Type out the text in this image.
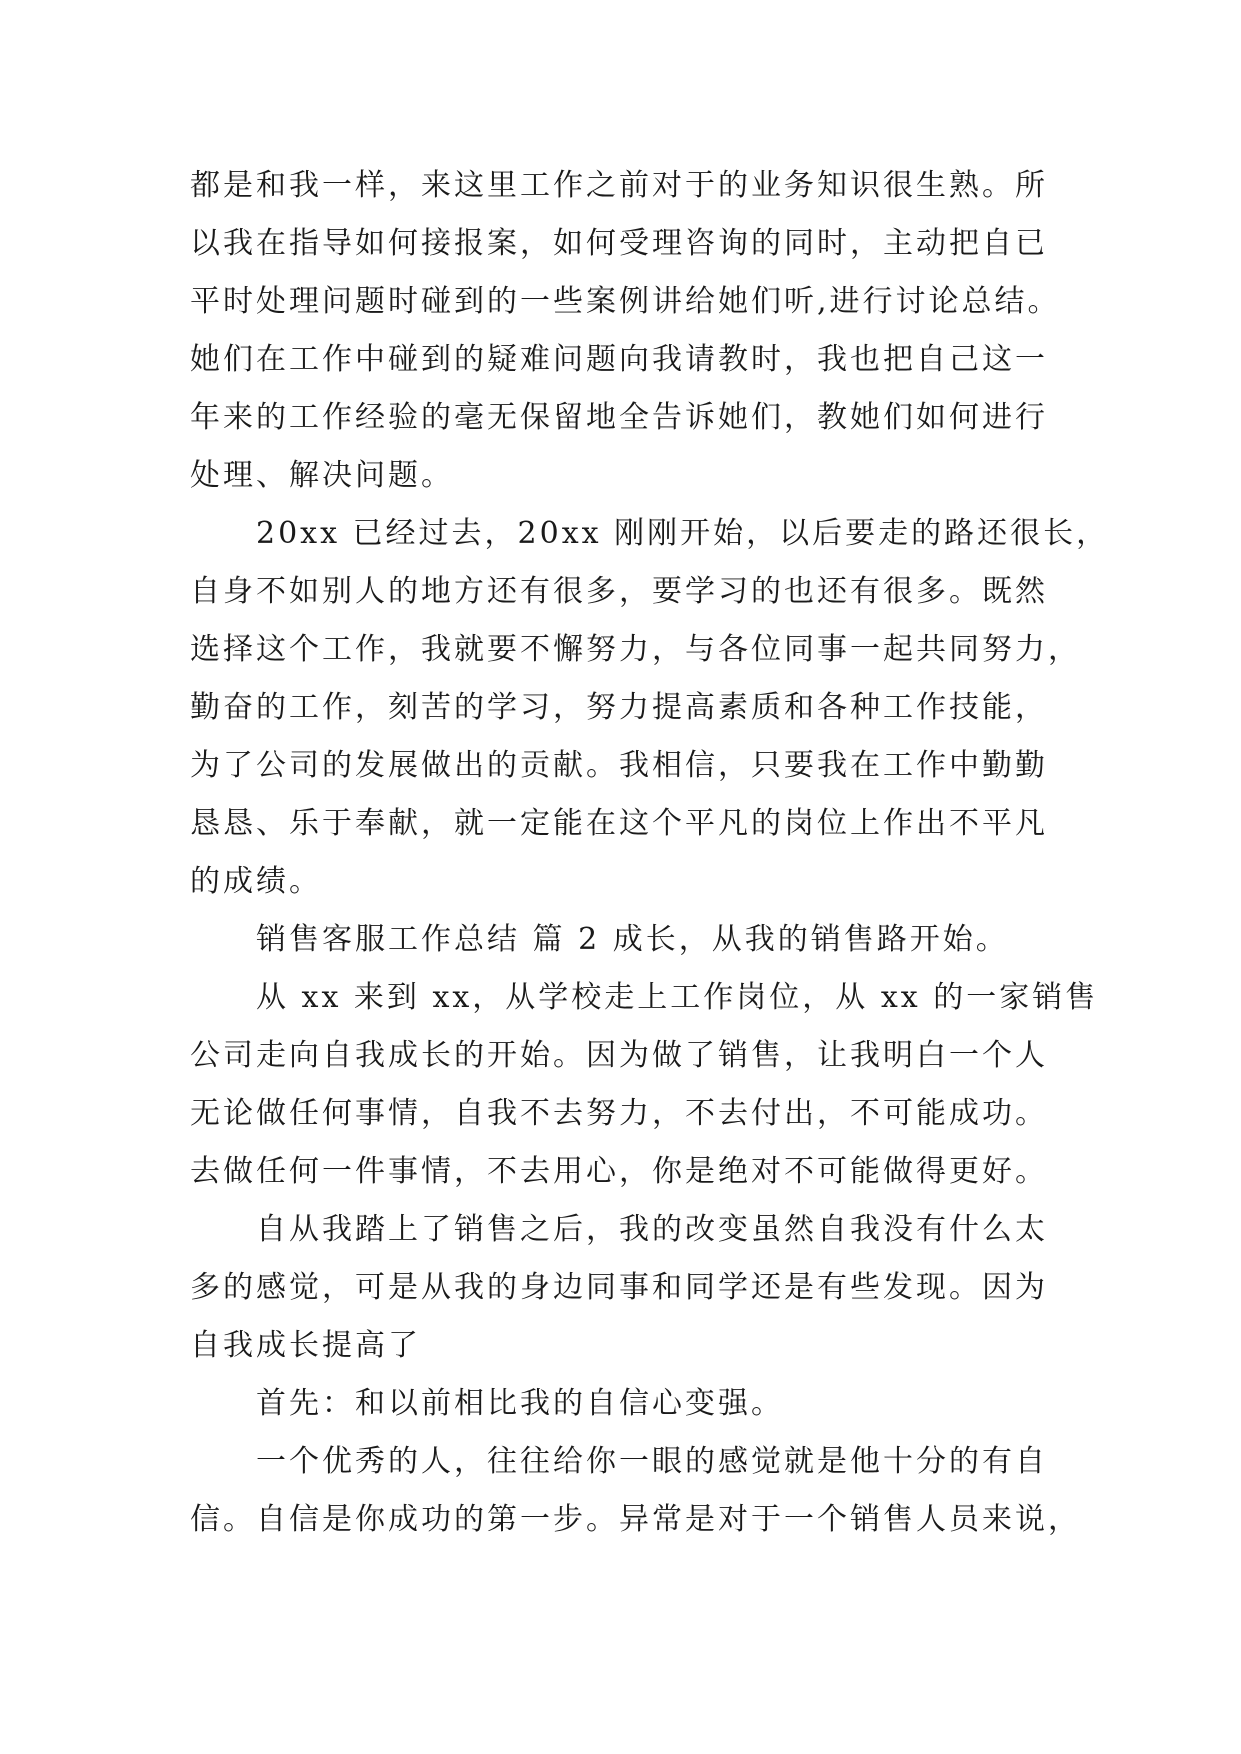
都是和我一样，来这里工作之前对于的业务知识很生熟。所
以我在指导如何接报案，如何受理咨询的同时，主动把自已
平时处理问题时碰到的一些案例讲给她们听,进行讨论总结。
她们在工作中碰到的疑难问题向我请教时，我也把自己这一
年来的工作经验的毫无保留地全告诉她们，教她们如何进行
处理、解决问题。
20xx 已经过去，20xx 刚刚开始，以后要走的路还很长，
自身不如别人的地方还有很多，要学习的也还有很多。既然
选择这个工作，我就要不懈努力，与各位同事一起共同努力，
勤奋的工作，刻苦的学习，努力提高素质和各种工作技能，
为了公司的发展做出的贡献。我相信，只要我在工作中勤勤
恳恳、乐于奉献，就一定能在这个平凡的岗位上作出不平凡
的成绩。
销售客服工作总结 篇 2 成长，从我的销售路开始。
从 xx 来到 xx，从学校走上工作岗位，从 xx 的一家销售
公司走向自我成长的开始。因为做了销售，让我明白一个人
无论做任何事情，自我不去努力，不去付出，不可能成功。
去做任何一件事情，不去用心，你是绝对不可能做得更好。
自从我踏上了销售之后，我的改变虽然自我没有什么太
多的感觉，可是从我的身边同事和同学还是有些发现。因为
自我成长提高了
首先：和以前相比我的自信心变强。
一个优秀的人，往往给你一眼的感觉就是他十分的有自
信。自信是你成功的第一步。异常是对于一个销售人员来说，
